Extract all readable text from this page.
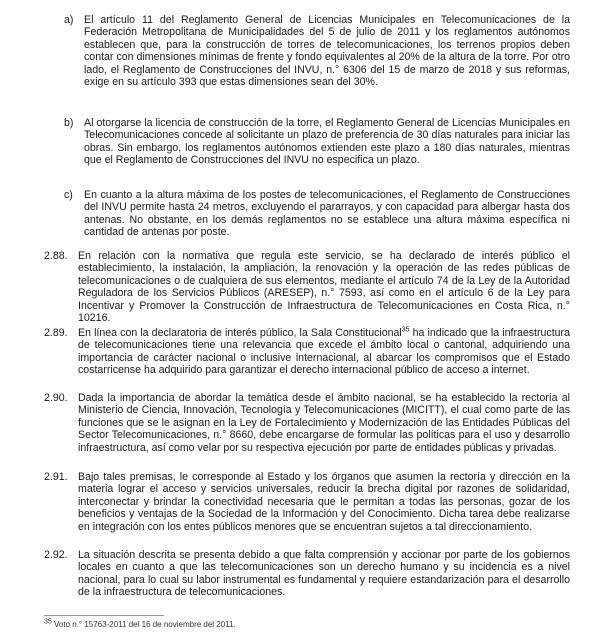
a) El artículo 11 del Reglamento General de Licencias Municipales en Telecomunicaciones de la Federación Metropolitana de Municipalidades del 5 de julio de 2011 y los reglamentos autónomos establecen que, para la construcción de torres de telecomunicaciones, los terrenos propios deben contar con dimensiones mínimas de frente y fondo equivalentes al 20% de la altura de la torre. Por otro lado, el Reglamento de Construcciones del INVU, n.° 6306 del 15 de marzo de 2018 y sus reformas, exige en su artículo 393 que estas dimensiones sean del 30%.
b) Al otorgarse la licencia de construcción de la torre, el Reglamento General de Licencias Municipales en Telecomunicaciones concede al solicitante un plazo de preferencia de 30 días naturales para iniciar las obras. Sin embargo, los reglamentos autónomos extienden este plazo a 180 días naturales, mientras que el Reglamento de Construcciones del INVU no especifica un plazo.
c)	En cuanto a la altura máxima de los postes de telecomunicaciones, el Reglamento de Construcciones del INVU permite hasta 24 metros, excluyendo el pararrayos, y con capacidad para albergar hasta dos antenas. No obstante, en los demás reglamentos no se establece una altura máxima específica ni cantidad de antenas por poste.
2.88. En relación con la normativa que regula este servicio, se ha declarado de interés público el establecimiento, la instalación, la ampliación, la renovación y la operación de las redes públicas de telecomunicaciones o de cualquiera de sus elementos, mediante el artículo 74 de la Ley de la Autoridad Reguladora de los Servicios Públicos (ARESEP), n.° 7593, así como en el artículo 6 de la Ley para Incentivar y Promover la Construcción de Infraestructura de Telecomunicaciones en Costa Rica, n.° 10216.
2.89. En línea con la declaratoria de interés público, la Sala Constitucional$^{35}$ ha indicado que la infraestructura de telecomunicaciones tiene una relevancia que excede el ámbito local o cantonal, adquiriendo una importancia de carácter nacional o inclusive internacional, al abarcar los compromisos que el Estado costarricense ha adquirido para garantizar el derecho internacional público de acceso a internet.
2.90. Dada la importancia de abordar la temática desde el ámbito nacional, se ha establecido la rectoría al Ministerio de Ciencia, Innovación, Tecnología y Telecomunicaciones (MICITT), el cual como parte de las funciones que se le asignan en la Ley de Fortalecimiento y Modernización de las Entidades Públicas del Sector Telecomunicaciones, n.° 8660, debe encargarse de formular las políticas para el uso y desarrollo infraestructura, así como velar por su respectiva ejecución por parte de entidades públicas y privadas.
2.91. Bajo tales premisas, le corresponde al Estado y los órganos que asumen la rectoría y dirección en la materia lograr el acceso y servicios universales, reducir la brecha digital por razones de solidaridad, interconectar y brindar la conectividad necesaria que le permitan a todas las personas, gozar de los beneficios y ventajas de la Sociedad de la Información y del Conocimiento. Dicha tarea debe realizarse en integración con los entes públicos menores que se encuentran sujetos a tal direccionamiento.
2.92. La situación descrita se presenta debido a que falta comprensión y accionar por parte de los gobiernos locales en cuanto a que las telecomunicaciones son un derecho humano y su incidencia es a nivel nacional, para lo cual su labor instrumental es fundamental y requiere estandarización para el desarrollo de la infraestructura de telecomunicaciones.
$^{35}$ Voto n.° 15763-2011 del 16 de noviembre del 2011.
